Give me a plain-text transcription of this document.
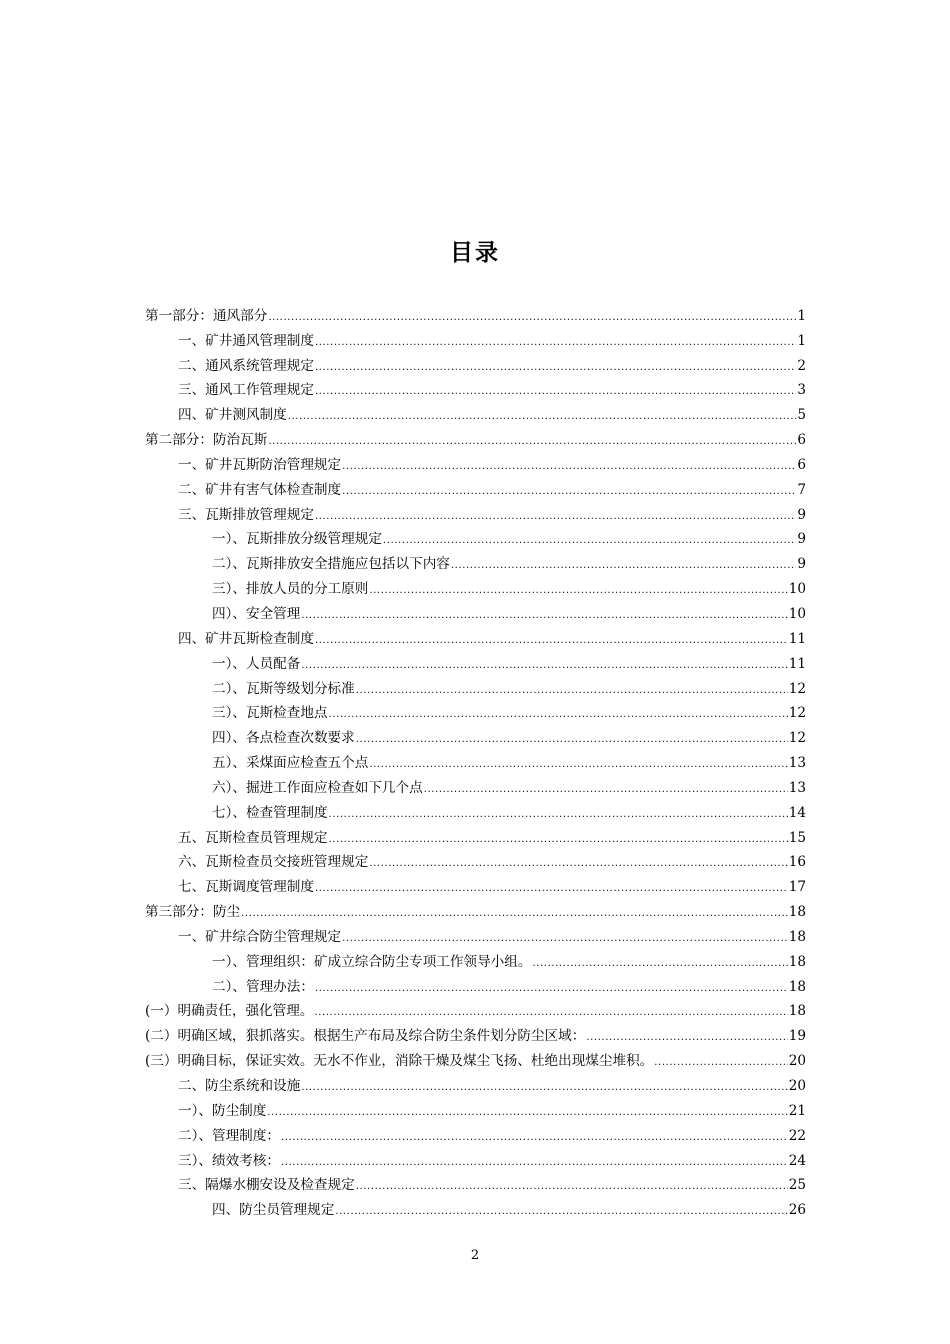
目录
第一部分：通风部分 .....	1
一、矿井通风管理制度 .....	1
二、通风系统管理规定 .....	2
三、通风工作管理规定 .....	3
四、矿井测风制度 .....	5
第二部分：防治瓦斯 .....	6
一、矿井瓦斯防治管理规定 .....	6
二、矿井有害气体检查制度 .....	7
三、瓦斯排放管理规定 .....	9
一）、瓦斯排放分级管理规定 .....	9
二）、瓦斯排放安全措施应包括以下内容 .....	9
三）、排放人员的分工原则 .....	10
四）、安全管理 .....	10
四、矿井瓦斯检查制度 .....	11
一）、人员配备 .....	11
二）、瓦斯等级划分标准 .....	12
三）、瓦斯检查地点 .....	12
四）、各点检查次数要求 .....	12
五）、采煤面应检查五个点 .....	13
六）、掘进工作面应检查如下几个点 .....	13
七）、检查管理制度 .....	14
五、瓦斯检查员管理规定 .....	15
六、瓦斯检查员交接班管理规定 .....	16
七、瓦斯调度管理制度 .....	17
第三部分：防尘 .....	18
一、矿井综合防尘管理规定 .....	18
一）、管理组织：矿成立综合防尘专项工作领导小组。 .....	18
二）、管理办法： .....	18
(一）明确责任，强化管理。 .....	18
(二）明确区域，狠抓落实。根据生产布局及综合防尘条件划分防尘区域： .....	19
(三）明确目标，保证实效。无水不作业，消除干燥及煤尘飞扬、杜绝出现煤尘堆积。 .....	20
二、防尘系统和设施 .....	20
一）、防尘制度 .....	21
二）、管理制度： .....	22
三）、绩效考核： .....	24
三、隔爆水棚安设及检查规定 .....	25
四、防尘员管理规定 .....	26
2
